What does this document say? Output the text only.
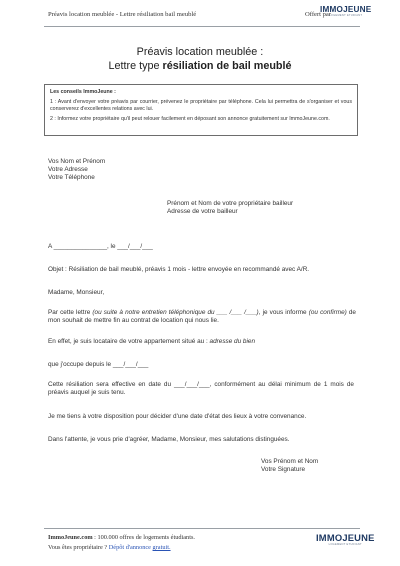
Préavis location meublée - Lettre résiliation bail meublé	Offert par
IMMOJEUNE
LOGEMENT ETUDIANT
Préavis location meublée :
Lettre type résiliation de bail meublé
Les conseils ImmoJeune :

1 : Avant d'envoyer votre préavis par courrier, prévenez le propriétaire par téléphone. Cela lui permettra de s'organiser et vous conserverez d'excellentes relations avec lui.

2 : Informez votre propriétaire qu'il peut relouer facilement en déposant son annonce gratuitement sur ImmoJeune.com.

Vos Nom et Prénom
Votre Adresse
Votre Téléphone
Prénom et Nom de votre propriétaire bailleur
Adresse de votre bailleur
A _______________, le ___/___/___
Objet : Résiliation de bail meublé, préavis 1 mois - lettre envoyée en recommandé avec A/R.
Madame, Monsieur,
Par cette lettre (ou suite à notre entretien téléphonique du ___ /___ /___), je vous informe (ou confirme) de mon souhait de mettre fin au contrat de location qui nous lie.
En effet, je suis locataire de votre appartement situé au : adresse du bien
que j'occupe depuis le ___/___/___
Cette résiliation sera effective en date du ___/___/___, conformément au délai minimum de 1 mois de préavis auquel je suis tenu.
Je me tiens à votre disposition pour décider d'une date d'état des lieux à votre convenance.
Dans l'attente, je vous prie d'agréer, Madame, Monsieur, mes salutations distinguées.
Vos Prénom et Nom
Votre Signature
ImmoJeune.com : 100.000 offres de logements étudiants.
Vous êtes propriétaire ? Dépôt d'annonce gratuit.
IMMOJEUNE
LOGEMENT ETUDIANT
